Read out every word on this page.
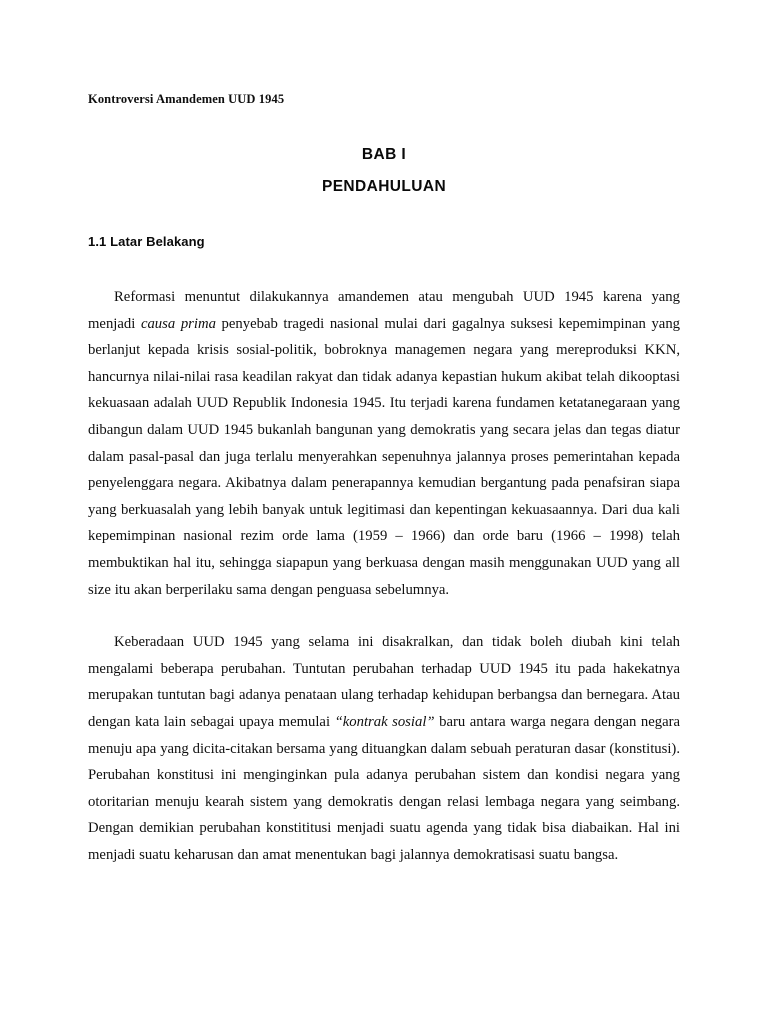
Kontroversi Amandemen UUD 1945
BAB I
PENDAHULUAN
1.1 Latar Belakang

Reformasi menuntut dilakukannya amandemen atau mengubah UUD 1945 karena yang menjadi causa prima penyebab tragedi nasional mulai dari gagalnya suksesi kepemimpinan yang berlanjut kepada krisis sosial-politik, bobroknya managemen negara yang mereproduksi KKN, hancurnya nilai-nilai rasa keadilan rakyat dan tidak adanya kepastian hukum akibat telah dikooptasi kekuasaan adalah UUD Republik Indonesia 1945. Itu terjadi karena fundamen ketatanegaraan yang dibangun dalam UUD 1945 bukanlah bangunan yang demokratis yang secara jelas dan tegas diatur dalam pasal-pasal dan juga terlalu menyerahkan sepenuhnya jalannya proses pemerintahan kepada penyelenggara negara. Akibatnya dalam penerapannya kemudian bergantung pada penafsiran siapa yang berkuasalah yang lebih banyak untuk legitimasi dan kepentingan kekuasaannya. Dari dua kali kepemimpinan nasional rezim orde lama (1959 – 1966) dan orde baru (1966 – 1998) telah membuktikan hal itu, sehingga siapapun yang berkuasa dengan masih menggunakan UUD yang all size itu akan berperilaku sama dengan penguasa sebelumnya.

Keberadaan UUD 1945 yang selama ini disakralkan, dan tidak boleh diubah kini telah mengalami beberapa perubahan. Tuntutan perubahan terhadap UUD 1945 itu pada hakekatnya merupakan tuntutan bagi adanya penataan ulang terhadap kehidupan berbangsa dan bernegara. Atau dengan kata lain sebagai upaya memulai “kontrak sosial” baru antara warga negara dengan negara menuju apa yang dicita-citakan bersama yang dituangkan dalam sebuah peraturan dasar (konstitusi). Perubahan konstitusi ini menginginkan pula adanya perubahan sistem dan kondisi negara yang otoritarian menuju kearah sistem yang demokratis dengan relasi lembaga negara yang seimbang. Dengan demikian perubahan konstititusi menjadi suatu agenda yang tidak bisa diabaikan. Hal ini menjadi suatu keharusan dan amat menentukan bagi jalannya demokratisasi suatu bangsa.
